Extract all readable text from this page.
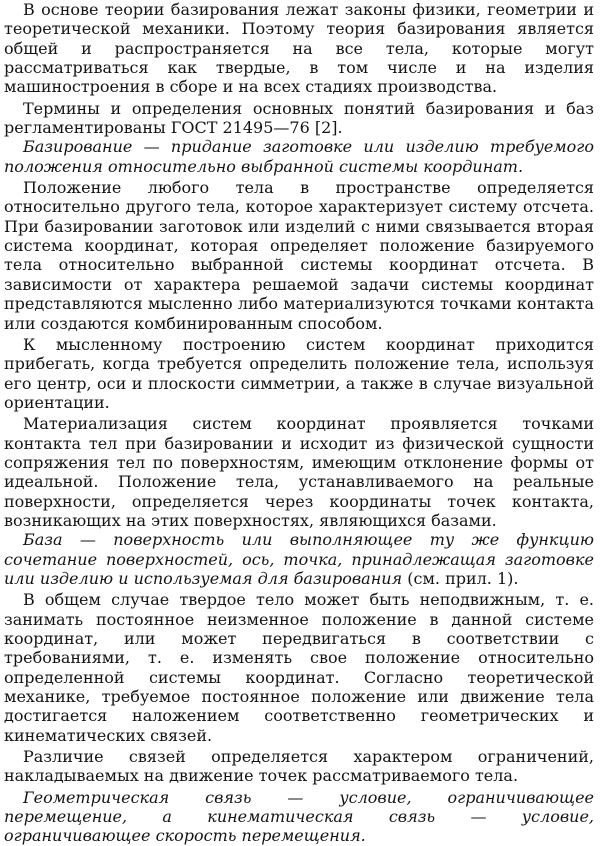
В основе теории базирования лежат законы физики, геометрии и теоретической механики. Поэтому теория базирования является общей и распространяется на все тела, которые могут рассматриваться как твердые, в том числе и на изделия машиностроения в сборе и на всех стадиях производства.

Термины и определения основных понятий базирования и баз регламентированы ГОСТ 21495—76 [2].

Базирование — придание заготовке или изделию требуемого положения относительно выбранной системы координат.

Положение любого тела в пространстве определяется относительно другого тела, которое характеризует систему отсчета. При базировании заготовок или изделий с ними связывается вторая система координат, которая определяет положение базируемого тела относительно выбранной системы координат отсчета. В зависимости от характера решаемой задачи системы координат представляются мысленно либо материализуются точками контакта или создаются комбинированным способом.

К мысленному построению систем координат приходится прибегать, когда требуется определить положение тела, используя его центр, оси и плоскости симметрии, а также в случае визуальной ориентации.

Материализация систем координат проявляется точками контакта тел при базировании и исходит из физической сущности сопряжения тел по поверхностям, имеющим отклонение формы от идеальной. Положение тела, устанавливаемого на реальные поверхности, определяется через координаты точек контакта, возникающих на этих поверхностях, являющихся базами.

База — поверхность или выполняющее ту же функцию сочетание поверхностей, ось, точка, принадлежащая заготовке или изделию и используемая для базирования (см. прил. 1).

В общем случае твердое тело может быть неподвижным, т. е. занимать постоянное неизменное положение в данной системе координат, или может передвигаться в соответствии с требованиями, т. е. изменять свое положение относительно определенной системы координат. Согласно теоретической механике, требуемое постоянное положение или движение тела достигается наложением соответственно геометрических и кинематических связей.

Различие связей определяется характером ограничений, накладываемых на движение точек рассматриваемого тела.

Геометрическая связь — условие, ограничивающее перемещение, а кинематическая связь — условие, ограничивающее скорость перемещения.
